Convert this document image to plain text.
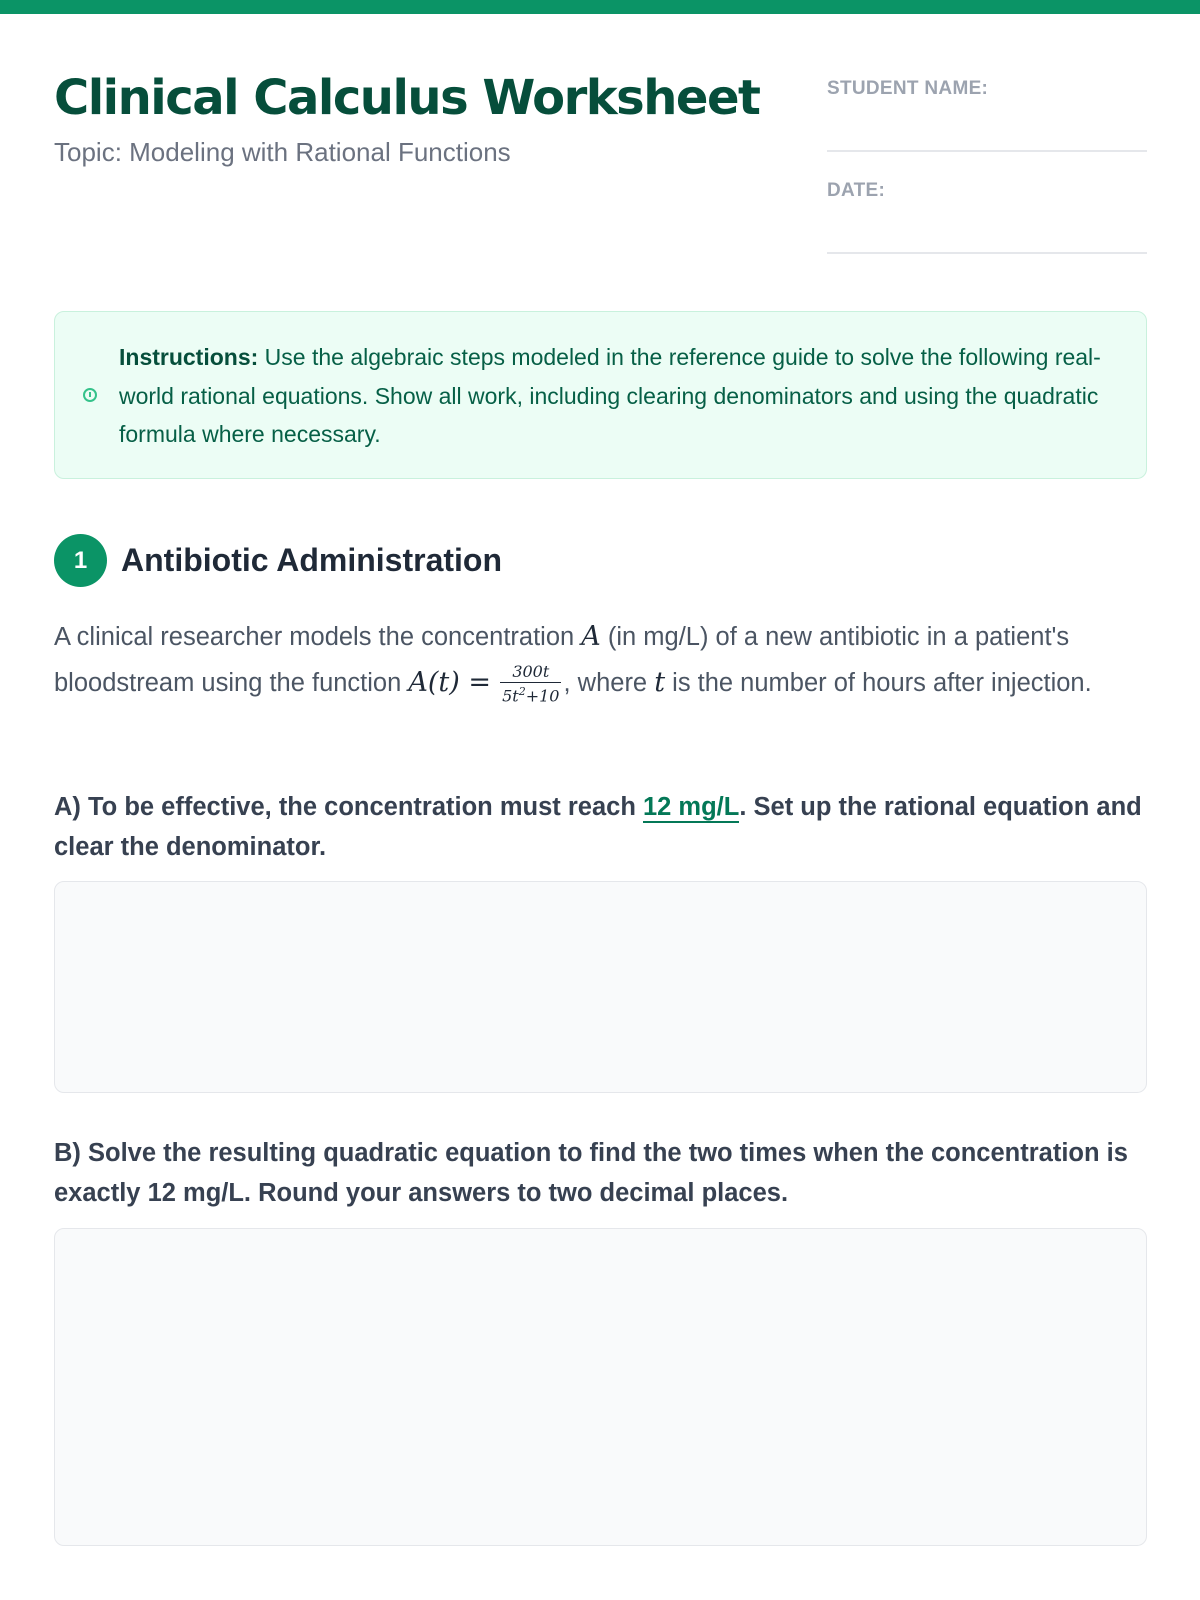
Clinical Calculus Worksheet
Topic: Modeling with Rational Functions
STUDENT NAME:
DATE:
Instructions: Use the algebraic steps modeled in the reference guide to solve the following real-world rational equations. Show all work, including clearing denominators and using the quadratic formula where necessary.
1	Antibiotic Administration
A clinical researcher models the concentration A (in mg/L) of a new antibiotic in a patient's bloodstream using the function $A(t) = \frac{300t}{5t^2+10}$ , where t is the number of hours after injection.
A) To be effective, the concentration must reach 12 mg/L. Set up the rational equation and clear the denominator.
B) Solve the resulting quadratic equation to find the two times when the concentration is exactly 12 mg/L. Round your answers to two decimal places.
